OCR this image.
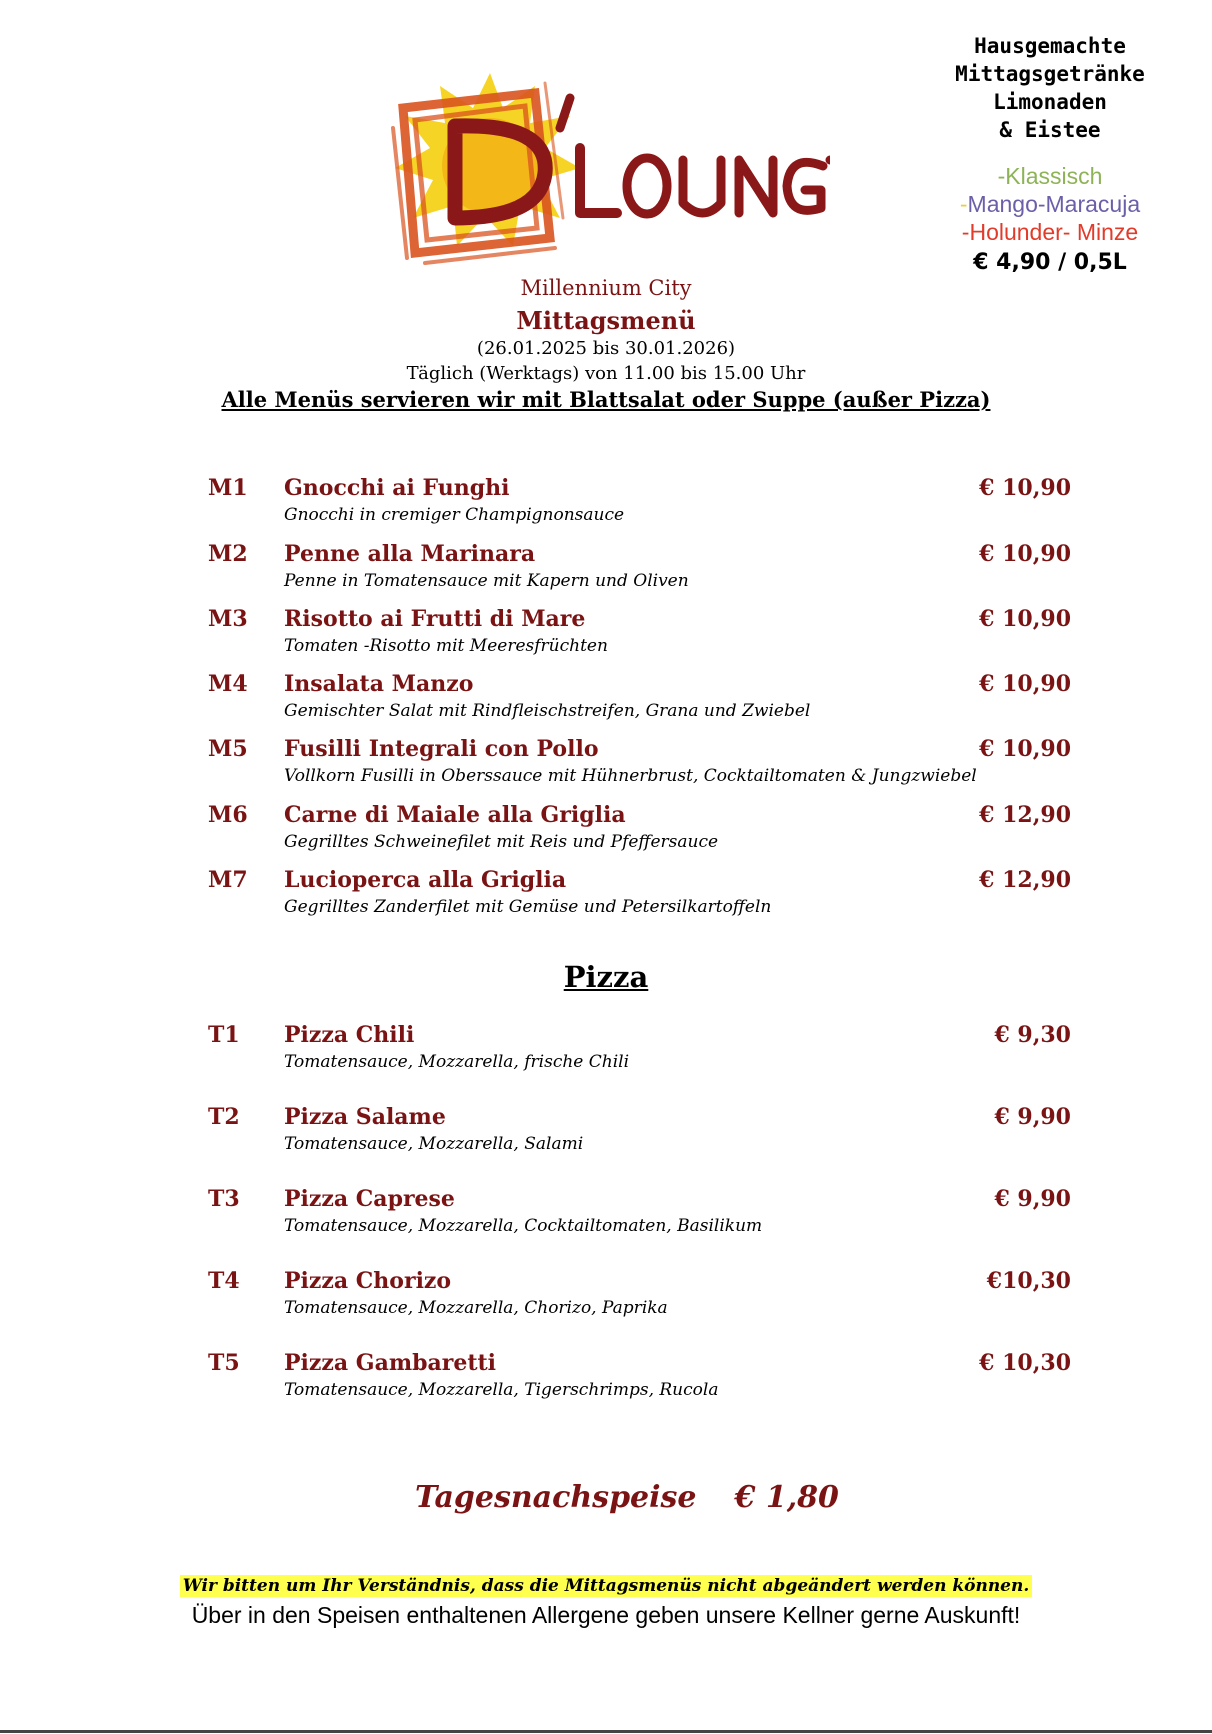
Hausgemachte
Mittagsgetränke
Limonaden
& Eistee
-Klassisch
-Mango-Maracuja
-Holunder- Minze
€ 4,90 / 0,5L
Millennium City
Mittagsmenü
(26.01.2025 bis 30.01.2026)
Täglich (Werktags) von 11.00 bis 15.00 Uhr
Alle Menüs servieren wir mit Blattsalat oder Suppe (außer Pizza)
M1 Gnocchi ai Funghi
Gnocchi in cremiger Champignonsauce
€ 10,90
M2 Penne alla Marinara
Penne in Tomatensauce mit Kapern und Oliven
€ 10,90
M3 Risotto ai Frutti di Mare
Tomaten -Risotto mit Meeresfrüchten
€ 10,90
M4 Insalata Manzo
Gemischter Salat mit Rindfleischstreifen, Grana und Zwiebel
€ 10,90
M5 Fusilli Integrali con Pollo
Vollkorn Fusilli in Oberssauce mit Hühnerbrust, Cocktailtomaten & Jungzwiebel
€ 10,90
M6 Carne di Maiale alla Griglia
Gegrilltes Schweinefilet mit Reis und Pfeffersauce
€ 12,90
M7 Lucioperca alla Griglia
Gegrilltes Zanderfilet mit Gemüse und Petersilkartoffeln
€ 12,90
Pizza
T1 Pizza Chili
Tomatensauce, Mozzarella, frische Chili
€ 9,30
T2 Pizza Salame
Tomatensauce, Mozzarella, Salami
€ 9,90
T3 Pizza Caprese
Tomatensauce, Mozzarella, Cocktailtomaten, Basilikum
€ 9,90
T4 Pizza Chorizo
Tomatensauce, Mozzarella, Chorizo, Paprika
€10,30
T5 Pizza Gambaretti
Tomatensauce, Mozzarella, Tigerschrimps, Rucola
€ 10,30
Tagesnachspeise € 1,80
Wir bitten um Ihr Verständnis, dass die Mittagsmenüs nicht abgeändert werden können.
Über in den Speisen enthaltenen Allergene geben unsere Kellner gerne Auskunft!
